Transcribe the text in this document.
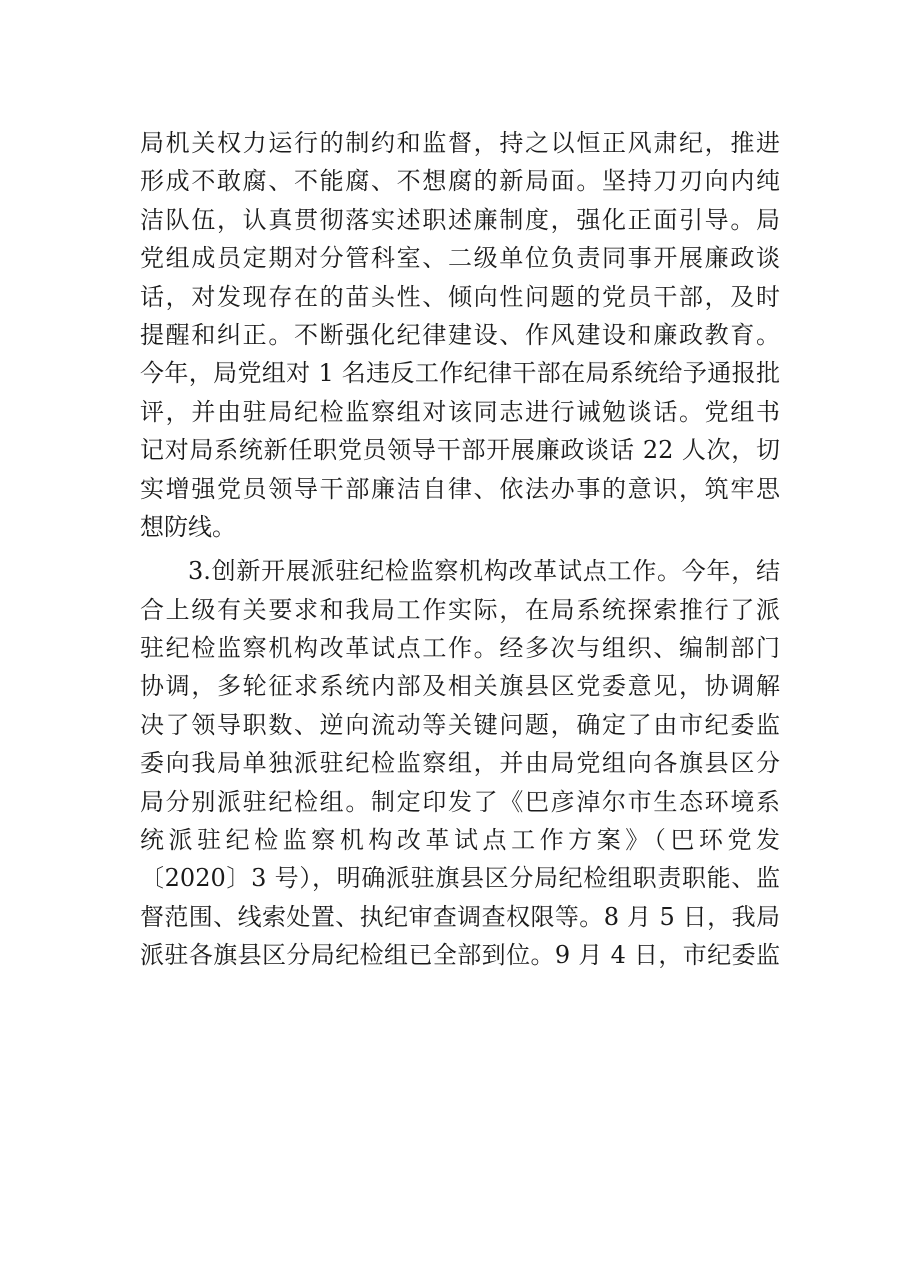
局机关权力运行的制约和监督，持之以恒正风肃纪，推进
形成不敢腐、不能腐、不想腐的新局面。坚持刀刃向内纯
洁队伍，认真贯彻落实述职述廉制度，强化正面引导。局
党组成员定期对分管科室、二级单位负责同事开展廉政谈
话，对发现存在的苗头性、倾向性问题的党员干部，及时
提醒和纠正。不断强化纪律建设、作风建设和廉政教育。
今年，局党组对 1 名违反工作纪律干部在局系统给予通报批
评，并由驻局纪检监察组对该同志进行诫勉谈话。党组书
记对局系统新任职党员领导干部开展廉政谈话 22 人次，切
实增强党员领导干部廉洁自律、依法办事的意识，筑牢思
想防线。
3.创新开展派驻纪检监察机构改革试点工作。今年，结
合上级有关要求和我局工作实际，在局系统探索推行了派
驻纪检监察机构改革试点工作。经多次与组织、编制部门
协调，多轮征求系统内部及相关旗县区党委意见，协调解
决了领导职数、逆向流动等关键问题，确定了由市纪委监
委向我局单独派驻纪检监察组，并由局党组向各旗县区分
局分别派驻纪检组。制定印发了《巴彦淖尔市生态环境系
统派驻纪检监察机构改革试点工作方案》（巴环党发
〔2020〕3 号），明确派驻旗县区分局纪检组职责职能、监
督范围、线索处置、执纪审查调查权限等。8 月 5 日，我局
派驻各旗县区分局纪检组已全部到位。9 月 4 日，市纪委监
